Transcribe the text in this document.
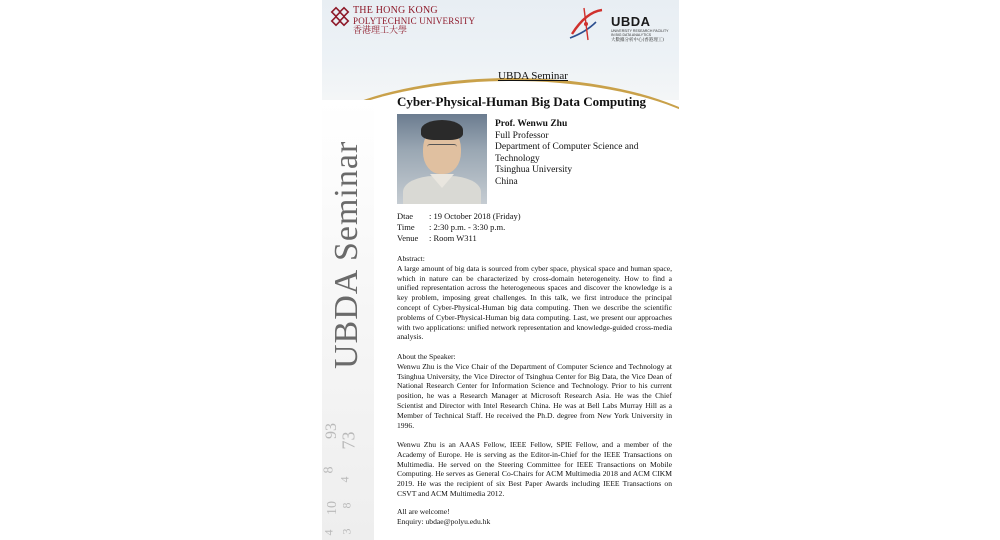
THE HONG KONG
POLYTECHNIC UNIVERSITY
香港理工大學
UBDA
UNIVERSITY RESEARCH FACILITY
IN BIG DATA ANALYTICS
大數據分析中心(香港理工)
UBDA Seminar
93
73
8
4
10 8
4 3
UBDA Seminar
Cyber-Physical-Human Big Data Computing
Prof. Wenwu Zhu
Full Professor
Department of Computer Science and Technology
Tsinghua University
China
Dtae	: 19 October 2018 (Friday)
Time	: 2:30 p.m. - 3:30 p.m.
Venue	: Room W311
Abstract:
A large amount of big data is sourced from cyber space, physical space and human space, which in nature can be characterized by cross-domain heterogeneity. How to find a unified representation across the heterogeneous spaces and discover the knowledge is a key problem, imposing great challenges. In this talk, we first introduce the principal concept of Cyber-Physical-Human big data computing. Then we describe the scientific problems of Cyber-Physical-Human big data computing. Last, we present our approaches with two applications: unified network representation and knowledge-guided cross-media analysis.
About the Speaker:
Wenwu Zhu is the Vice Chair of the Department of Computer Science and Technology at Tsinghua University, the Vice Director of Tsinghua Center for Big Data, the Vice Dean of National Research Center for Information Science and Technology. Prior to his current position, he was a Research Manager at Microsoft Research Asia. He was the Chief Scientist and Director with Intel Research China. He was at Bell Labs Murray Hill as a Member of Technical Staff. He received the Ph.D. degree from New York University in 1996.
Wenwu Zhu is an AAAS Fellow, IEEE Fellow, SPIE Fellow, and a member of the Academy of Europe. He is serving as the Editor-in-Chief for the IEEE Transactions on Multimedia. He served on the Steering Committee for IEEE Transactions on Mobile Computing. He serves as General Co-Chairs for ACM Multimedia 2018 and ACM CIKM 2019. He was the recipient of six Best Paper Awards including IEEE Transactions on CSVT and ACM Multimedia 2012.
All are welcome!
Enquiry: ubdae@polyu.edu.hk
